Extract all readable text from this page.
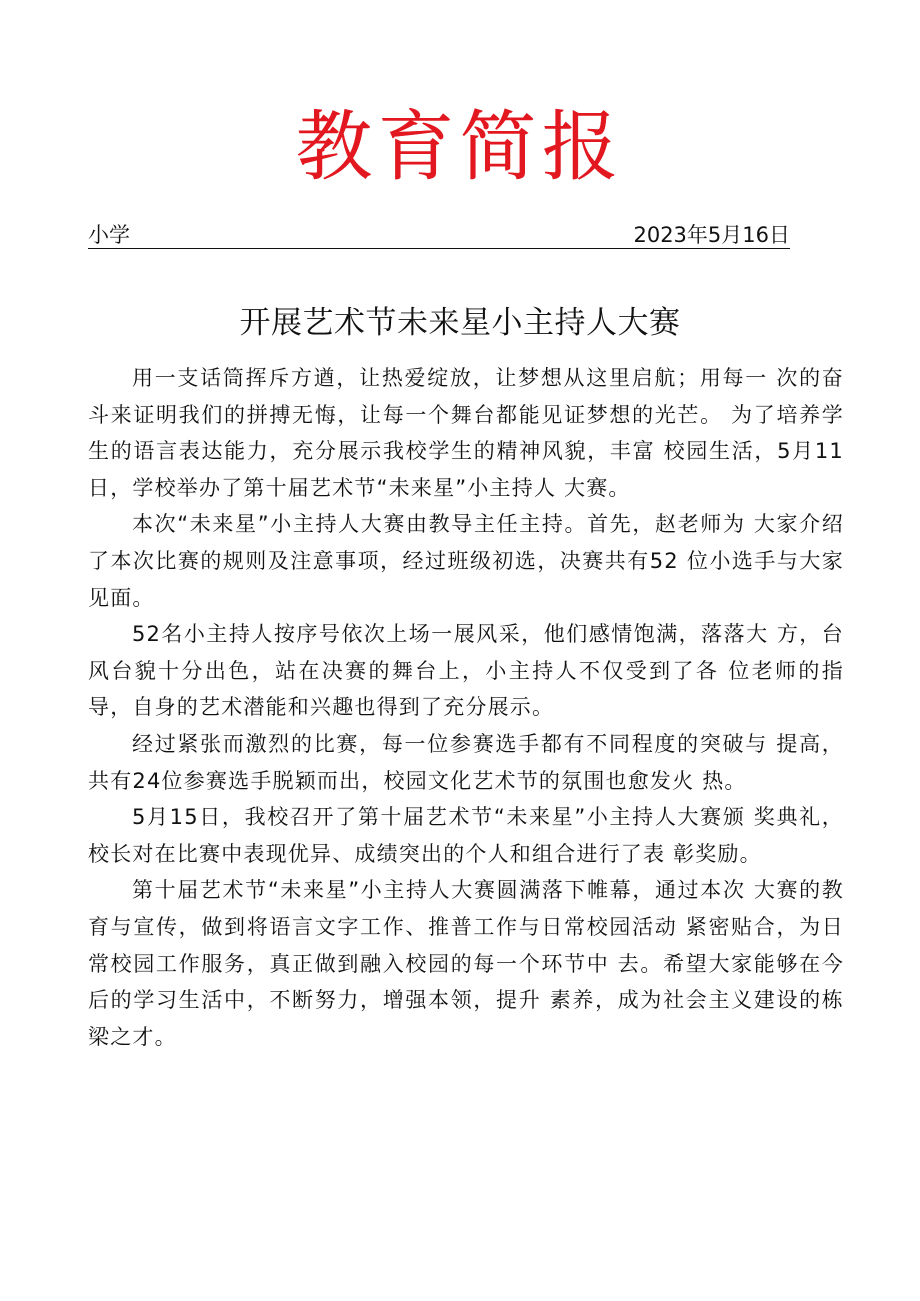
教育简报
小学	2023年5月16日
开展艺术节未来星小主持人大赛

用一支话筒挥斥方遒，让热爱绽放，让梦想从这里启航；用每一 次的奋斗来证明我们的拼搏无悔，让每一个舞台都能见证梦想的光芒。 为了培养学生的语言表达能力，充分展示我校学生的精神风貌，丰富 校园生活，5月11日，学校举办了第十届艺术节“未来星”小主持人 大赛。

本次“未来星”小主持人大赛由教导主任主持。首先，赵老师为 大家介绍了本次比赛的规则及注意事项，经过班级初选，决赛共有52 位小选手与大家见面。

52名小主持人按序号依次上场一展风采，他们感情饱满，落落大 方，台风台貌十分出色，站在决赛的舞台上，小主持人不仅受到了各 位老师的指导，自身的艺术潜能和兴趣也得到了充分展示。

经过紧张而激烈的比赛，每一位参赛选手都有不同程度的突破与 提高，共有24位参赛选手脱颖而出，校园文化艺术节的氛围也愈发火 热。

5月15日，我校召开了第十届艺术节“未来星”小主持人大赛颁 奖典礼，校长对在比赛中表现优异、成绩突出的个人和组合进行了表 彰奖励。

第十届艺术节“未来星”小主持人大赛圆满落下帷幕，通过本次 大赛的教育与宣传，做到将语言文字工作、推普工作与日常校园活动 紧密贴合，为日常校园工作服务，真正做到融入校园的每一个环节中 去。希望大家能够在今后的学习生活中，不断努力，增强本领，提升 素养，成为社会主义建设的栋梁之才。
